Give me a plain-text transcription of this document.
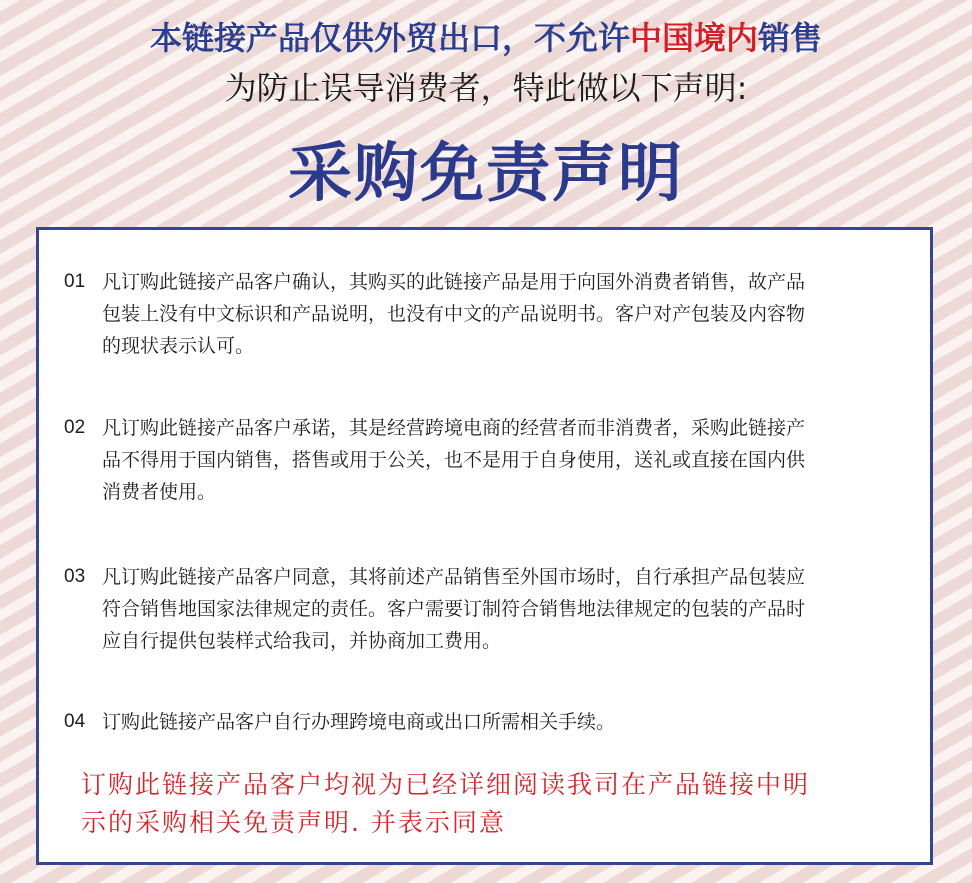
本链接产品仅供外贸出口，不允许中国境内销售
为防止误导消费者，特此做以下声明:
采购免责声明
01 凡订购此链接产品客户确认，其购买的此链接产品是用于向国外消费者销售，故产品
包装上没有中文标识和产品说明，也没有中文的产品说明书。客户对产包装及内容物
的现状表示认可。
02 凡订购此链接产品客户承诺，其是经营跨境电商的经营者而非消费者，采购此链接产
品不得用于国内销售，搭售或用于公关，也不是用于自身使用，送礼或直接在国内供
消费者使用。
03 凡订购此链接产品客户同意，其将前述产品销售至外国市场时，自行承担产品包装应
符合销售地国家法律规定的责任。客户需要订制符合销售地法律规定的包装的产品时
应自行提供包装样式给我司，并协商加工费用。
04 订购此链接产品客户自行办理跨境电商或出口所需相关手续。
订购此链接产品客户均视为已经详细阅读我司在产品链接中明
示的采购相关免责声明. 并表示同意
